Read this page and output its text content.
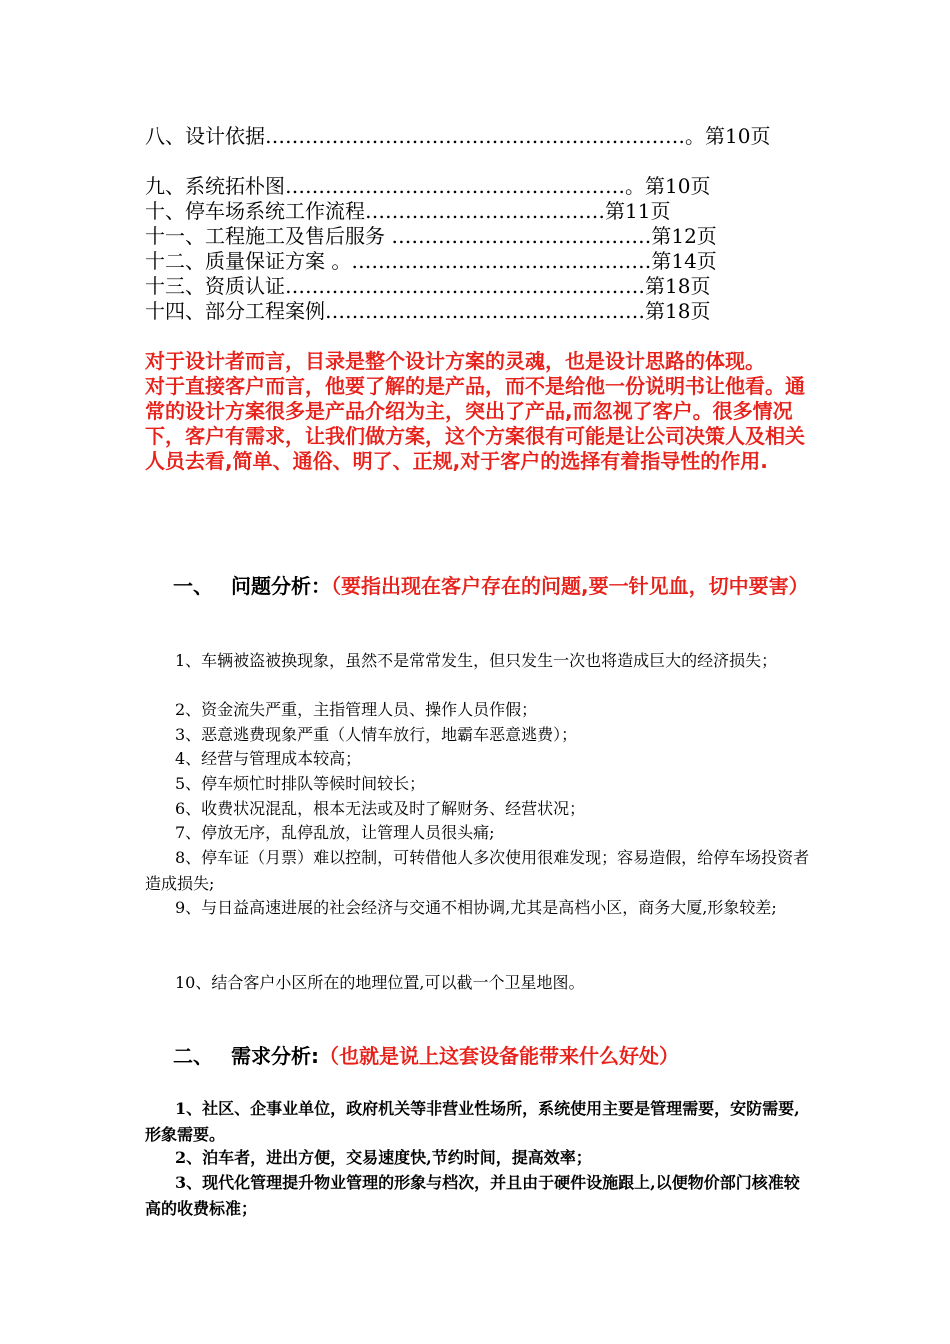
八、设计依据………………………………………………………。第10页
九、系统拓朴图……………………………………………。第10页
十、停车场系统工作流程………………………………第11页
十一、工程施工及售后服务 …………………………………第12页
十二、质量保证方案 。………………………………………第14页
十三、资质认证………………………………………………第18页
十四、部分工程案例…………………………………………第18页

对于设计者而言，目录是整个设计方案的灵魂，也是设计思路的体现。

对于直接客户而言，他要了解的是产品，而不是给他一份说明书让他看。通常的设计方案很多是产品介绍为主，突出了产品,而忽视了客户。很多情况下，客户有需求，让我们做方案，这个方案很有可能是让公司决策人及相关人员去看,简单、通俗、明了、正规,对于客户的选择有着指导性的作用.

一、 问题分析：（要指出现在客户存在的问题,要一针见血，切中要害）
1、车辆被盗被换现象，虽然不是常常发生，但只发生一次也将造成巨大的经济损失；
2、资金流失严重，主指管理人员、操作人员作假；
3、恶意逃费现象严重（人情车放行，地霸车恶意逃费）；
4、经营与管理成本较高；
5、停车烦忙时排队等候时间较长；
6、收费状况混乱，根本无法或及时了解财务、经营状况；
7、停放无序，乱停乱放，让管理人员很头痛;
8、停车证（月票）难以控制，可转借他人多次使用很难发现；容易造假，给停车场投资者造成损失;
9、与日益高速进展的社会经济与交通不相协调,尤其是高档小区，商务大厦,形象较差;
10、结合客户小区所在的地理位置,可以截一个卫星地图。
二、 需求分析:（也就是说上这套设备能带来什么好处）
1、社区、企事业单位，政府机关等非营业性场所，系统使用主要是管理需要，安防需要,形象需要。
2、泊车者，进出方便，交易速度快,节约时间，提高效率；
3、现代化管理提升物业管理的形象与档次，并且由于硬件设施跟上,以便物价部门核准较高的收费标准；
